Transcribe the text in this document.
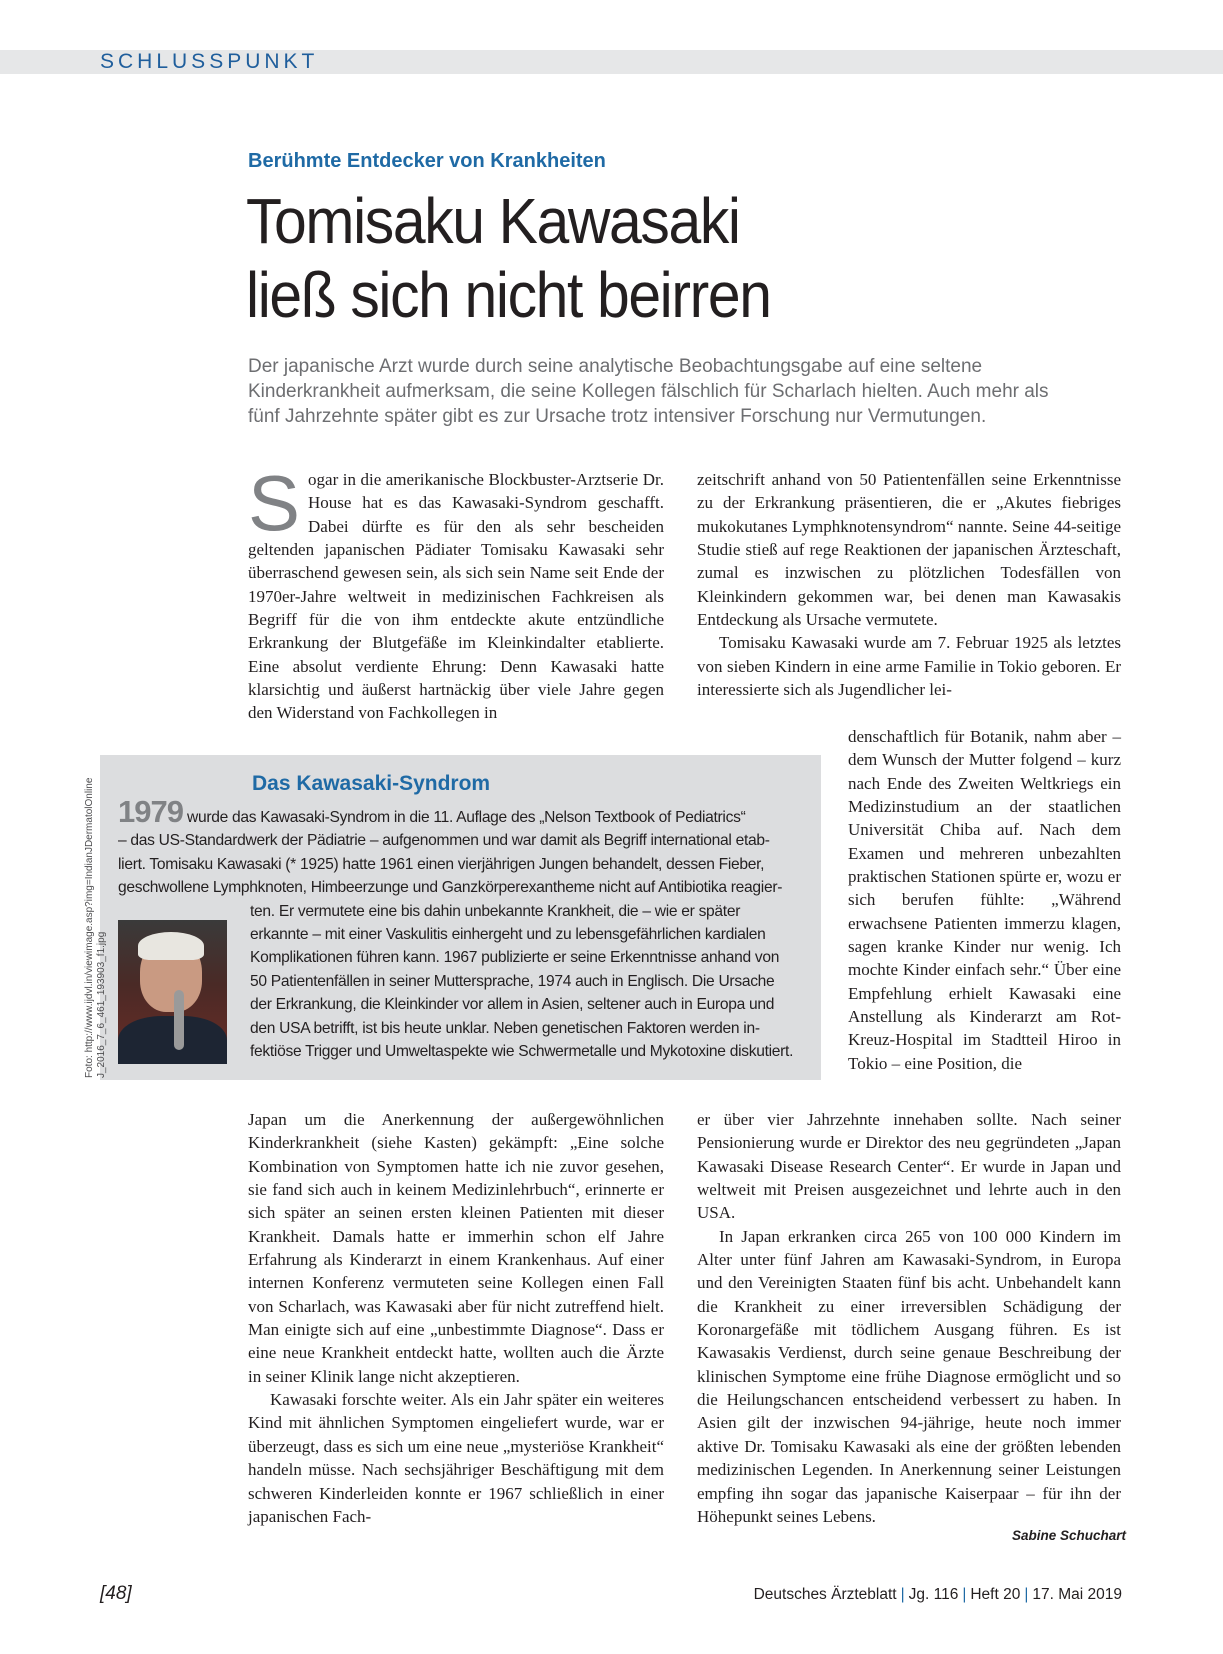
SCHLUSSPUNKT
Berühmte Entdecker von Krankheiten
Tomisaku Kawasaki
ließ sich nicht beirren
Der japanische Arzt wurde durch seine analytische Beobachtungsgabe auf eine seltene Kinderkrankheit aufmerksam, die seine Kollegen fälschlich für Scharlach hielten. Auch mehr als fünf Jahrzehnte später gibt es zur Ursache trotz intensiver Forschung nur Vermutungen.
S ogar in die amerikanische Blockbuster-Arztserie Dr. House hat es das Kawasaki-Syndrom geschafft. Dabei dürfte es für den als sehr bescheiden geltenden japanischen Pädiater Tomisaku Kawasaki sehr überraschend gewesen sein, als sich sein Name seit Ende der 1970er-Jahre weltweit in medizinischen Fachkreisen als Begriff für die von ihm entdeckte akute entzündliche Erkrankung der Blutgefäße im Kleinkindalter etablierte. Eine absolut verdiente Ehrung: Denn Kawasaki hatte klarsichtig und äußerst hartnäckig über viele Jahre gegen den Widerstand von Fachkollegen in

zeitschrift anhand von 50 Patientenfällen seine Erkenntnisse zu der Erkrankung präsentieren, die er „Akutes fiebriges mukokutanes Lymphknotensyndrom“ nannte. Seine 44-seitige Studie stieß auf rege Reaktionen der japanischen Ärzteschaft, zumal es inzwischen zu plötzlichen Todesfällen von Kleinkindern gekommen war, bei denen man Kawasakis Entdeckung als Ursache vermutete.

Tomisaku Kawasaki wurde am 7. Februar 1925 als letztes von sieben Kindern in eine arme Familie in Tokio geboren. Er interessierte sich als Jugendlicher lei-

denschaftlich für Botanik, nahm aber – dem Wunsch der Mutter folgend – kurz nach Ende des Zweiten Weltkriegs ein Medizinstudium an der staatlichen Universität Chiba auf. Nach dem Examen und mehreren unbezahlten praktischen Stationen spürte er, wozu er sich berufen fühlte: „Während erwachsene Patienten immerzu klagen, sagen kranke Kinder nur wenig. Ich mochte Kinder einfach sehr.“ Über eine Empfehlung erhielt Kawasaki eine Anstellung als Kinderarzt am Rot-Kreuz-Hospital im Stadtteil Hiroo in Tokio – eine Position, die

Das Kawasaki-Syndrom
1979 wurde das Kawasaki-Syndrom in die 11. Auflage des „Nelson Textbook of Pediatrics“
– das US-Standardwerk der Pädiatrie – aufgenommen und war damit als Begriff international etab-
liert. Tomisaku Kawasaki (* 1925) hatte 1961 einen vierjährigen Jungen behandelt, dessen Fieber,
geschwollene Lymphknoten, Himbeerzunge und Ganzkörperexantheme nicht auf Antibiotika reagier-
ten. Er vermutete eine bis dahin unbekannte Krankheit, die – wie er später
erkannte – mit einer Vaskulitis einhergeht und zu lebensgefährlichen kardialen
Komplikationen führen kann. 1967 publizierte er seine Erkenntnisse anhand von
50 Patientenfällen in seiner Muttersprache, 1974 auch in Englisch. Die Ursache
der Erkrankung, die Kleinkinder vor allem in Asien, seltener auch in Europa und
den USA betrifft, ist bis heute unklar. Neben genetischen Faktoren werden in-
fektiöse Trigger und Umweltaspekte wie Schwermetalle und Mykotoxine diskutiert.
Foto: http://www.ijdvl.in/viewimage.asp?img=IndianJDermatolOnline J_2016_7_6_461_193903_f1.jpg

Japan um die Anerkennung der außergewöhnlichen Kinderkrankheit (siehe Kasten) gekämpft: „Eine solche Kombination von Symptomen hatte ich nie zuvor gesehen, sie fand sich auch in keinem Medizinlehrbuch“, erinnerte er sich später an seinen ersten kleinen Patienten mit dieser Krankheit. Damals hatte er immerhin schon elf Jahre Erfahrung als Kinderarzt in einem Krankenhaus. Auf einer internen Konferenz vermuteten seine Kollegen einen Fall von Scharlach, was Kawasaki aber für nicht zutreffend hielt. Man einigte sich auf eine „unbestimmte Diagnose“. Dass er eine neue Krankheit entdeckt hatte, wollten auch die Ärzte in seiner Klinik lange nicht akzeptieren.

Kawasaki forschte weiter. Als ein Jahr später ein weiteres Kind mit ähnlichen Symptomen eingeliefert wurde, war er überzeugt, dass es sich um eine neue „mysteriöse Krankheit“ handeln müsse. Nach sechsjähriger Beschäftigung mit dem schweren Kinderleiden konnte er 1967 schließlich in einer japanischen Fach-

er über vier Jahrzehnte innehaben sollte. Nach seiner Pensionierung wurde er Direktor des neu gegründeten „Japan Kawasaki Disease Research Center“. Er wurde in Japan und weltweit mit Preisen ausgezeichnet und lehrte auch in den USA.

In Japan erkranken circa 265 von 100 000 Kindern im Alter unter fünf Jahren am Kawasaki-Syndrom, in Europa und den Vereinigten Staaten fünf bis acht. Unbehandelt kann die Krankheit zu einer irreversiblen Schädigung der Koronargefäße mit tödlichem Ausgang führen. Es ist Kawasakis Verdienst, durch seine genaue Beschreibung der klinischen Symptome eine frühe Diagnose ermöglicht und so die Heilungschancen entscheidend verbessert zu haben. In Asien gilt der inzwischen 94-jährige, heute noch immer aktive Dr. Tomisaku Kawasaki als eine der größten lebenden medizinischen Legenden. In Anerkennung seiner Leistungen empfing ihn sogar das japanische Kaiserpaar – für ihn der Höhepunkt seines Lebens.

Sabine Schuchart
[48]	Deutsches Ärzteblatt | Jg. 116 | Heft 20 | 17. Mai 2019
